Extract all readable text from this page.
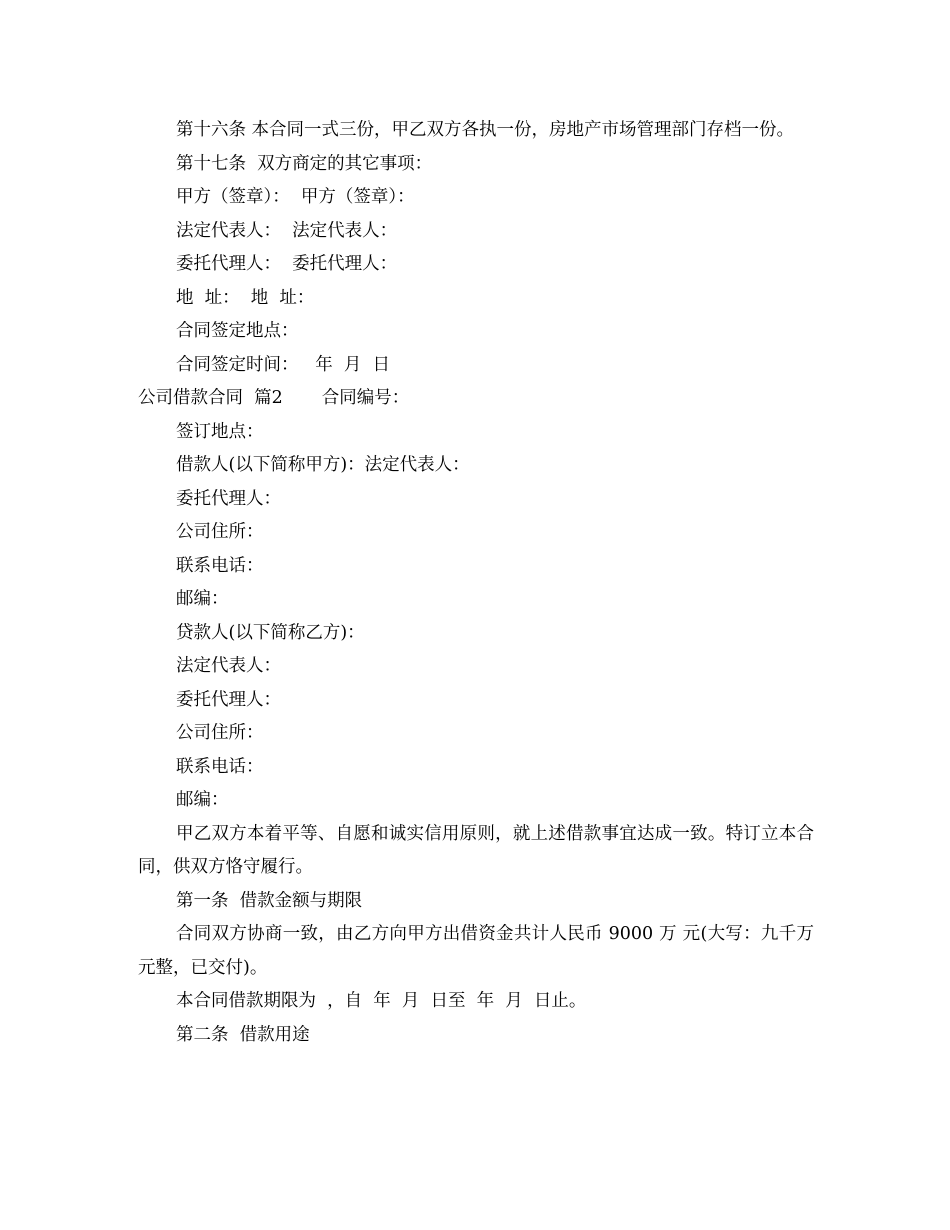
第十六条 本合同一式三份，甲乙双方各执一份，房地产市场管理部门存档一份。

第十七条  双方商定的其它事项：

甲方（签章）：  甲方（签章）：

法定代表人：  法定代表人：

委托代理人：  委托代理人：

地  址：  地  址：

合同签定地点：

合同签定时间：   年  月  日

公司借款合同  篇2       合同编号：

签订地点：

借款人(以下简称甲方)：法定代表人：

委托代理人：

公司住所：

联系电话：

邮编：

贷款人(以下简称乙方)：

法定代表人：

委托代理人：

公司住所：

联系电话：

邮编：

甲乙双方本着平等、自愿和诚实信用原则，就上述借款事宜达成一致。特订立本合同，供双方恪守履行。

第一条  借款金额与期限

合同双方协商一致，由乙方向甲方出借资金共计人民币 9000 万 元(大写：九千万元整，已交付)。

本合同借款期限为  ，自  年  月  日至  年  月  日止。

第二条  借款用途
